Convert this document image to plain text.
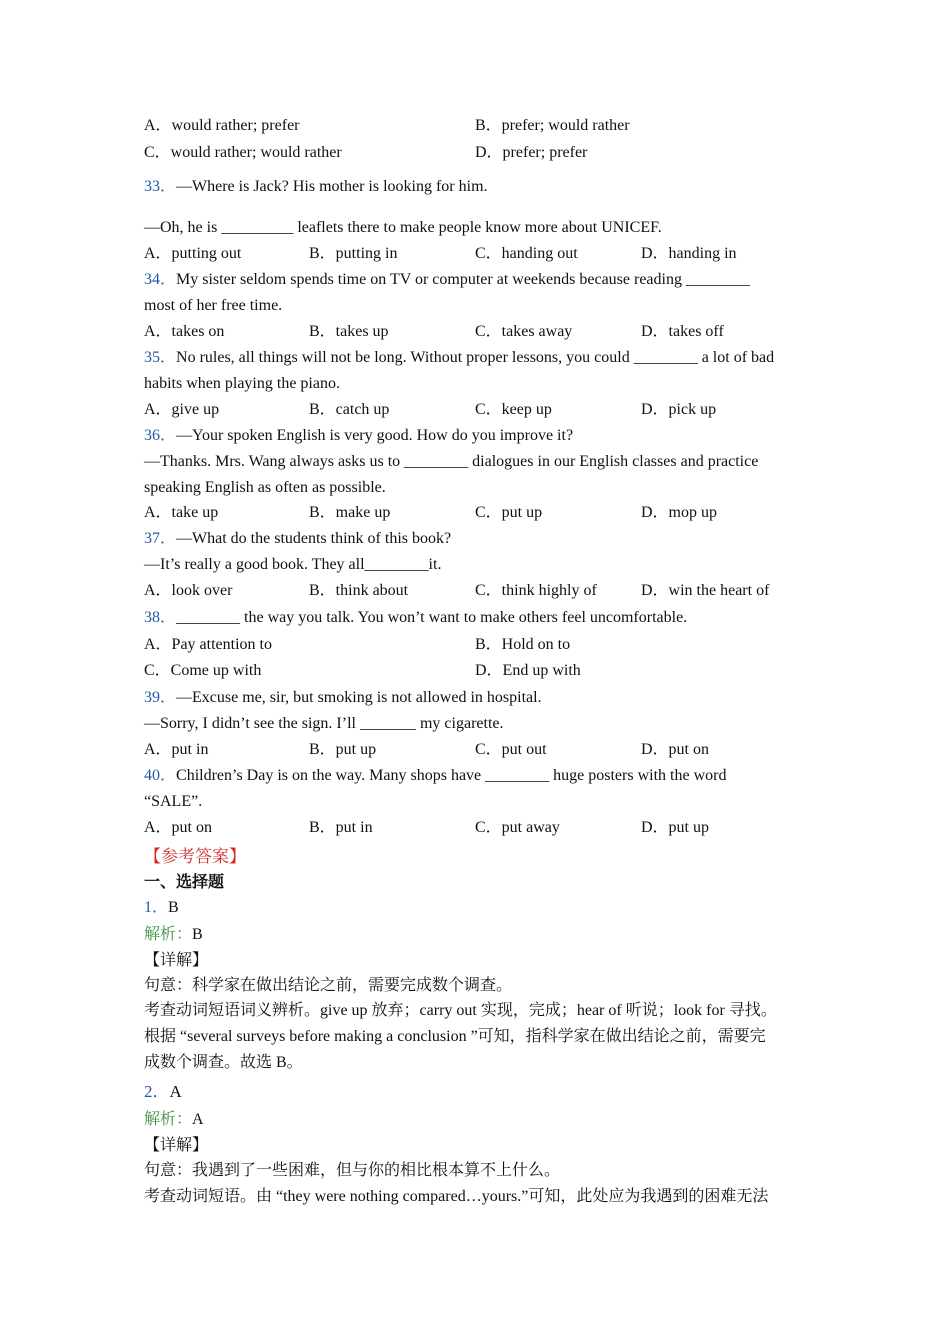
A．would rather; prefer	B．prefer; would rather
C．would rather; would rather	D．prefer; prefer
33．—Where is Jack? His mother is looking for him.
—Oh, he is _________ leaflets there to make people know more about UNICEF.
A．putting out	B．putting in	C．handing out	D．handing in
34．My sister seldom spends time on TV or computer at weekends because reading ________
most of her free time.
A．takes on	B．takes up	C．takes away	D．takes off
35．No rules, all things will not be long. Without proper lessons, you could ________ a lot of bad
habits when playing the piano.
A．give up	B．catch up	C．keep up	D．pick up
36．—Your spoken English is very good. How do you improve it?
—Thanks. Mrs. Wang always asks us to ________ dialogues in our English classes and practice
speaking English as often as possible.
A．take up	B．make up	C．put up	D．mop up
37．—What do the students think of this book?
—It’s really a good book. They all________it.
A．look over	B．think about	C．think highly of	D．win the heart of
38．________ the way you talk. You won’t want to make others feel uncomfortable.
A．Pay attention to	B．Hold on to
C．Come up with	D．End up with
39．—Excuse me, sir, but smoking is not allowed in hospital.
—Sorry, I didn’t see the sign. I’ll _______ my cigarette.
A．put in	B．put up	C．put out	D．put on
40．Children’s Day is on the way. Many shops have ________ huge posters with the word
“SALE”.
A．put on	B．put in	C．put away	D．put up
【参考答案】
一、选择题
1．B
解析：B
【详解】
句意：科学家在做出结论之前，需要完成数个调查。
考查动词短语词义辨析。give up 放弃；carry out 实现，完成；hear of 听说；look for 寻找。
根据 “several surveys before making a conclusion ”可知，指科学家在做出结论之前，需要完
成数个调查。故选 B。
2．A
解析：A
【详解】
句意：我遇到了一些困难，但与你的相比根本算不上什么。
考查动词短语。由 “they were nothing compared…yours.”可知，此处应为我遇到的困难无法
